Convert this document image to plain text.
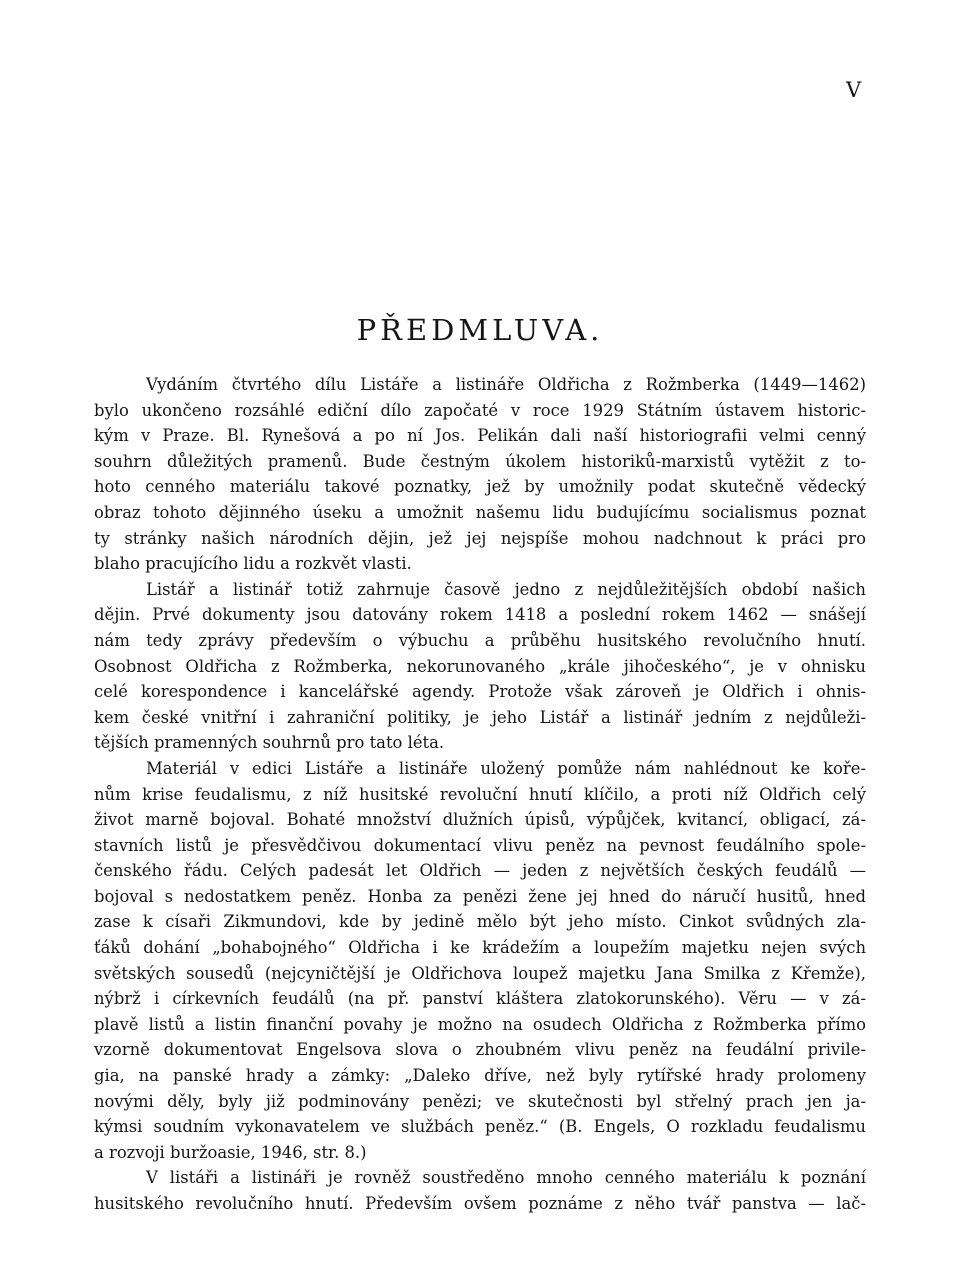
V
PŘEDMLUVA.
Vydáním čtvrtého dílu Listáře a listináře Oldřicha z Rožmberka (1449—1462)
bylo ukončeno rozsáhlé ediční dílo započaté v roce 1929 Státním ústavem historic-
kým v Praze. Bl. Rynešová a po ní Jos. Pelikán dali naší historiografii velmi cenný
souhrn důležitých pramenů. Bude čestným úkolem historiků-marxistů vytěžit z to-
hoto cenného materiálu takové poznatky, jež by umožnily podat skutečně vědecký
obraz tohoto dějinného úseku a umožnit našemu lidu budujícímu socialismus poznat
ty stránky našich národních dějin, jež jej nejspíše mohou nadchnout k práci pro
blaho pracujícího lidu a rozkvět vlasti.
Listář a listinář totiž zahrnuje časově jedno z nejdůležitějších období našich
dějin. Prvé dokumenty jsou datovány rokem 1418 a poslední rokem 1462 — snášejí
nám tedy zprávy především o výbuchu a průběhu husitského revolučního hnutí.
Osobnost Oldřicha z Rožmberka, nekorunovaného „krále jihočeského“, je v ohnisku
celé korespondence i kancelářské agendy. Protože však zároveň je Oldřich i ohnis-
kem české vnitřní i zahraniční politiky, je jeho Listář a listinář jedním z nejdůleži-
tějších pramenných souhrnů pro tato léta.
Materiál v edici Listáře a listináře uložený pomůže nám nahlédnout ke koře-
nům krise feudalismu, z níž husitské revoluční hnutí klíčilo, a proti níž Oldřich celý
život marně bojoval. Bohaté množství dlužních úpisů, výpůjček, kvitancí, obligací, zá-
stavních listů je přesvědčivou dokumentací vlivu peněz na pevnost feudálního spole-
čenského řádu. Celých padesát let Oldřich — jeden z největších českých feudálů —
bojoval s nedostatkem peněz. Honba za penězi žene jej hned do náručí husitů, hned
zase k císaři Zikmundovi, kde by jedině mělo být jeho místo. Cinkot svůdných zla-
ťáků dohání „bohabojného“ Oldřicha i ke krádežím a loupežím majetku nejen svých
světských sousedů (nejcyničtější je Oldřichova loupež majetku Jana Smilka z Křemže),
nýbrž i církevních feudálů (na př. panství kláštera zlatokorunského). Věru — v zá-
plavě listů a listin finanční povahy je možno na osudech Oldřicha z Rožmberka přímo
vzorně dokumentovat Engelsova slova o zhoubném vlivu peněz na feudální privile-
gia, na panské hrady a zámky: „Daleko dříve, než byly rytířské hrady prolomeny
novými děly, byly již podminovány penězi; ve skutečnosti byl střelný prach jen ja-
kýmsi soudním vykonavatelem ve službách peněz.“ (B. Engels, O rozkladu feudalismu
a rozvoji buržoasie, 1946, str. 8.)
V listáři a listináři je rovněž soustředěno mnoho cenného materiálu k poznání
husitského revolučního hnutí. Především ovšem poznáme z něho tvář panstva — lač-
